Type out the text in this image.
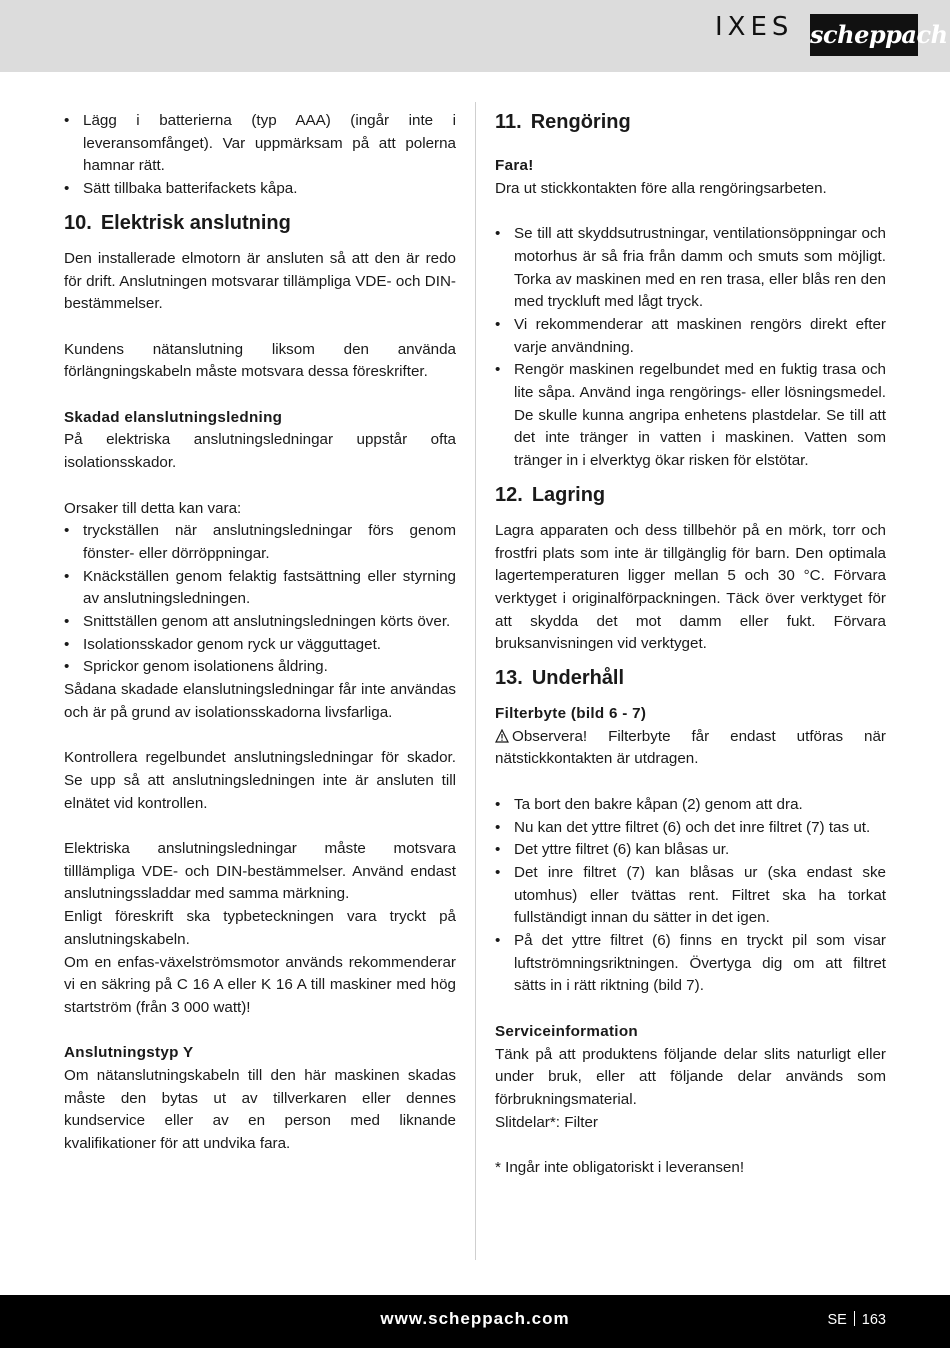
IXES scheppach
• Lägg i batterierna (typ AAA) (ingår inte i leveransomfånget). Var uppmärksam på att polerna hamnar rätt.
• Sätt tillbaka batterifackets kåpa.
10. Elektrisk anslutning

Den installerade elmotorn är ansluten så att den är redo för drift. Anslutningen motsvarar tillämpliga VDE- och DIN-bestämmelser.

Kundens nätanslutning liksom den använda förlängningskabeln måste motsvara dessa föreskrifter.

Skadad elanslutningsledning

På elektriska anslutningsledningar uppstår ofta isolationsskador.

Orsaker till detta kan vara:

• tryckställen när anslutningsledningar förs genom fönster- eller dörröppningar.
• Knäckställen genom felaktig fastsättning eller styrning av anslutningsledningen.
• Snittställen genom att anslutningsledningen körts över.
• Isolationsskador genom ryck ur vägguttaget.
• Sprickor genom isolationens åldring.

Sådana skadade elanslutningsledningar får inte användas och är på grund av isolationsskadorna livsfarliga.

Kontrollera regelbundet anslutningsledningar för skador. Se upp så att anslutningsledningen inte är ansluten till elnätet vid kontrollen.

Elektriska anslutningsledningar måste motsvara tilllämpliga VDE- och DIN-bestämmelser. Använd endast anslutningssladdar med samma märkning.

Enligt föreskrift ska typbeteckningen vara tryckt på anslutningskabeln.

Om en enfas-växelströmsmotor används rekommenderar vi en säkring på C 16 A eller K 16 A till maskiner med hög startström (från 3 000 watt)!

Anslutningstyp Y

Om nätanslutningskabeln till den här maskinen skadas måste den bytas ut av tillverkaren eller dennes kundservice eller av en person med liknande kvalifikationer för att undvika fara.

11. Rengöring

Fara!

Dra ut stickkontakten före alla rengöringsarbeten.

• Se till att skyddsutrustningar, ventilationsöppningar och motorhus är så fria från damm och smuts som möjligt. Torka av maskinen med en ren trasa, eller blås ren den med tryckluft med lågt tryck.
• Vi rekommenderar att maskinen rengörs direkt efter varje användning.
• Rengör maskinen regelbundet med en fuktig trasa och lite såpa. Använd inga rengörings- eller lösningsmedel. De skulle kunna angripa enhetens plastdelar. Se till att det inte tränger in vatten i maskinen. Vatten som tränger in i elverktyg ökar risken för elstötar.
12. Lagring

Lagra apparaten och dess tillbehör på en mörk, torr och frostfri plats som inte är tillgänglig för barn. Den optimala lagertemperaturen ligger mellan 5 och 30 °C. Förvara verktyget i originalförpackningen. Täck över verktyget för att skydda det mot damm eller fukt. Förvara bruksanvisningen vid verktyget.

13. Underhåll

Filterbyte (bild 6 - 7)

Observera! Filterbyte får endast utföras när nätstickkontakten är utdragen.

• Ta bort den bakre kåpan (2) genom att dra.
• Nu kan det yttre filtret (6) och det inre filtret (7) tas ut.
• Det yttre filtret (6) kan blåsas ur.
• Det inre filtret (7) kan blåsas ur (ska endast ske utomhus) eller tvättas rent. Filtret ska ha torkat fullständigt innan du sätter in det igen.
• På det yttre filtret (6) finns en tryckt pil som visar luftströmningsriktningen. Övertyga dig om att filtret sätts in i rätt riktning (bild 7).

Serviceinformation

Tänk på att produktens följande delar slits naturligt eller under bruk, eller att följande delar används som förbrukningsmaterial.

Slitdelar*: Filter

* Ingår inte obligatoriskt i leveransen!

www.scheppach.com	SE 163
